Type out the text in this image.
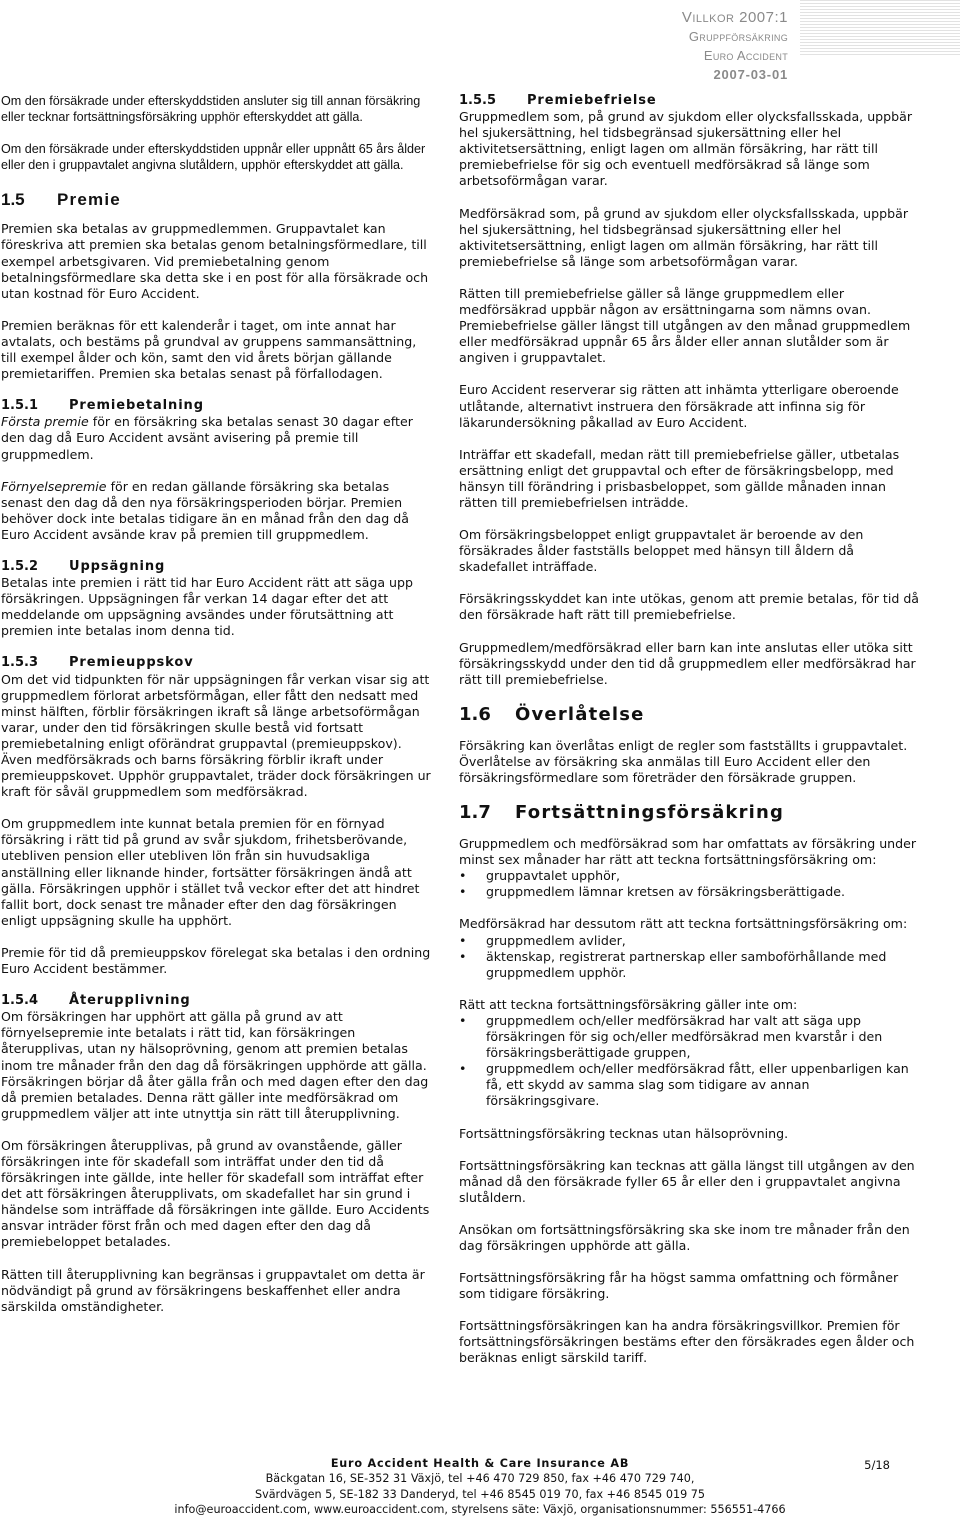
Villkor 2007:1
Gruppförsäkring
Euro Accident
2007-03-01

Om den försäkrade under efterskyddstiden ansluter sig till annan försäkring eller tecknar fortsättningsförsäkring upphör efterskyddet att gälla.

Om den försäkrade under efterskyddstiden uppnår eller uppnått 65 års ålder eller den i gruppavtalet angivna slutåldern, upphör efterskyddet att gälla.

1.5 Premie

Premien ska betalas av gruppmedlemmen. Gruppavtalet kan föreskriva att premien ska betalas genom betalningsförmedlare, till exempel arbetsgivaren. Vid premiebetalning genom betalningsförmedlare ska detta ske i en post för alla försäkrade och utan kostnad för Euro Accident.

Premien beräknas för ett kalenderår i taget, om inte annat har avtalats, och bestäms på grundval av gruppens sammansättning, till exempel ålder och kön, samt den vid årets början gällande premietariffen. Premien ska betalas senast på förfallodagen.

1.5.1 Premiebetalning

Första premie för en försäkring ska betalas senast 30 dagar efter den dag då Euro Accident avsänt avisering på premie till gruppmedlem.

Förnyelsepremie för en redan gällande försäkring ska betalas senast den dag då den nya försäkringsperioden börjar. Premien behöver dock inte betalas tidigare än en månad från den dag då Euro Accident avsände krav på premien till gruppmedlem.

1.5.2 Uppsägning

Betalas inte premien i rätt tid har Euro Accident rätt att säga upp försäkringen. Uppsägningen får verkan 14 dagar efter det att meddelande om uppsägning avsändes under förutsättning att premien inte betalas inom denna tid.

1.5.3 Premieuppskov

Om det vid tidpunkten för när uppsägningen får verkan visar sig att gruppmedlem förlorat arbetsförmågan, eller fått den nedsatt med minst hälften, förblir försäkringen ikraft så länge arbetsoförmågan varar, under den tid försäkringen skulle bestå vid fortsatt premiebetalning enligt oförändrat gruppavtal (premieuppskov). Även medförsäkrads och barns försäkring förblir ikraft under premieuppskovet. Upphör gruppavtalet, träder dock försäkringen ur kraft för såväl gruppmedlem som medförsäkrad.

Om gruppmedlem inte kunnat betala premien för en förnyad försäkring i rätt tid på grund av svår sjukdom, frihetsberövande, utebliven pension eller utebliven lön från sin huvudsakliga anställning eller liknande hinder, fortsätter försäkringen ändå att gälla. Försäkringen upphör i stället två veckor efter det att hindret fallit bort, dock senast tre månader efter den dag försäkringen enligt uppsägning skulle ha upphört.

Premie för tid då premieuppskov förelegat ska betalas i den ordning Euro Accident bestämmer.

1.5.4 Återupplivning

Om försäkringen har upphört att gälla på grund av att förnyelsepremie inte betalats i rätt tid, kan försäkringen återupplivas, utan ny hälsoprövning, genom att premien betalas inom tre månader från den dag då försäkringen upphörde att gälla. Försäkringen börjar då åter gälla från och med dagen efter den dag då premien betalades. Denna rätt gäller inte medförsäkrad om gruppmedlem väljer att inte utnyttja sin rätt till återupplivning.

Om försäkringen återupplivas, på grund av ovanstående, gäller försäkringen inte för skadefall som inträffat under den tid då försäkringen inte gällde, inte heller för skadefall som inträffat efter det att försäkringen återupplivats, om skadefallet har sin grund i händelse som inträffade då försäkringen inte gällde. Euro Accidents ansvar inträder först från och med dagen efter den dag då premiebeloppet betalades.

Rätten till återupplivning kan begränsas i gruppavtalet om detta är nödvändigt på grund av försäkringens beskaffenhet eller andra särskilda omständigheter.

1.5.5 Premiebefrielse

Gruppmedlem som, på grund av sjukdom eller olycksfallsskada, uppbär hel sjukersättning, hel tidsbegränsad sjukersättning eller hel aktivitetsersättning, enligt lagen om allmän försäkring, har rätt till premiebefrielse för sig och eventuell medförsäkrad så länge som arbetsoförmågan varar.

Medförsäkrad som, på grund av sjukdom eller olycksfallsskada, uppbär hel sjukersättning, hel tidsbegränsad sjukersättning eller hel aktivitetsersättning, enligt lagen om allmän försäkring, har rätt till premiebefrielse så länge som arbetsoförmågan varar.

Rätten till premiebefrielse gäller så länge gruppmedlem eller medförsäkrad uppbär någon av ersättningarna som nämns ovan. Premiebefrielse gäller längst till utgången av den månad gruppmedlem eller medförsäkrad uppnår 65 års ålder eller annan slutålder som är angiven i gruppavtalet.

Euro Accident reserverar sig rätten att inhämta ytterligare oberoende utlåtande, alternativt instruera den försäkrade att infinna sig för läkarundersökning påkallad av Euro Accident.

Inträffar ett skadefall, medan rätt till premiebefrielse gäller, utbetalas ersättning enligt det gruppavtal och efter de försäkringsbelopp, med hänsyn till förändring i prisbasbeloppet, som gällde månaden innan rätten till premiebefrielsen inträdde.

Om försäkringsbeloppet enligt gruppavtalet är beroende av den försäkrades ålder fastställs beloppet med hänsyn till åldern då skadefallet inträffade.

Försäkringsskyddet kan inte utökas, genom att premie betalas, för tid då den försäkrade haft rätt till premiebefrielse.

Gruppmedlem/medförsäkrad eller barn kan inte anslutas eller utöka sitt försäkringsskydd under den tid då gruppmedlem eller medförsäkrad har rätt till premiebefrielse.

1.6 Överlåtelse

Försäkring kan överlåtas enligt de regler som fastställts i gruppavtalet. Överlåtelse av försäkring ska anmälas till Euro Accident eller den försäkringsförmedlare som företräder den försäkrade gruppen.

1.7 Fortsättningsförsäkring

Gruppmedlem och medförsäkrad som har omfattats av försäkring under minst sex månader har rätt att teckna fortsättningsförsäkring om:

• gruppavtalet upphör,
• gruppmedlem lämnar kretsen av försäkringsberättigade.

Medförsäkrad har dessutom rätt att teckna fortsättningsförsäkring om:

• gruppmedlem avlider,
• äktenskap, registrerat partnerskap eller samboförhållande med gruppmedlem upphör.

Rätt att teckna fortsättningsförsäkring gäller inte om:

• gruppmedlem och/eller medförsäkrad har valt att säga upp försäkringen för sig och/eller medförsäkrad men kvarstår i den försäkringsberättigade gruppen,
• gruppmedlem och/eller medförsäkrad fått, eller uppenbarligen kan få, ett skydd av samma slag som tidigare av annan försäkringsgivare.

Fortsättningsförsäkring tecknas utan hälsoprövning.

Fortsättningsförsäkring kan tecknas att gälla längst till utgången av den månad då den försäkrade fyller 65 år eller den i gruppavtalet angivna slutåldern.

Ansökan om fortsättningsförsäkring ska ske inom tre månader från den dag försäkringen upphörde att gälla.

Fortsättningsförsäkring får ha högst samma omfattning och förmåner som tidigare försäkring.

Fortsättningsförsäkringen kan ha andra försäkringsvillkor. Premien för fortsättningsförsäkringen bestäms efter den försäkrades egen ålder och beräknas enligt särskild tariff.

Euro Accident Health & Care Insurance AB
Bäckgatan 16, SE-352 31 Växjö, tel +46 470 729 850, fax +46 470 729 740,
Svärdvägen 5, SE-182 33 Danderyd, tel +46 8545 019 70, fax +46 8545 019 75
info@euroaccident.com, www.euroaccident.com, styrelsens säte: Växjö, organisationsnummer: 556551-4766
5/18
